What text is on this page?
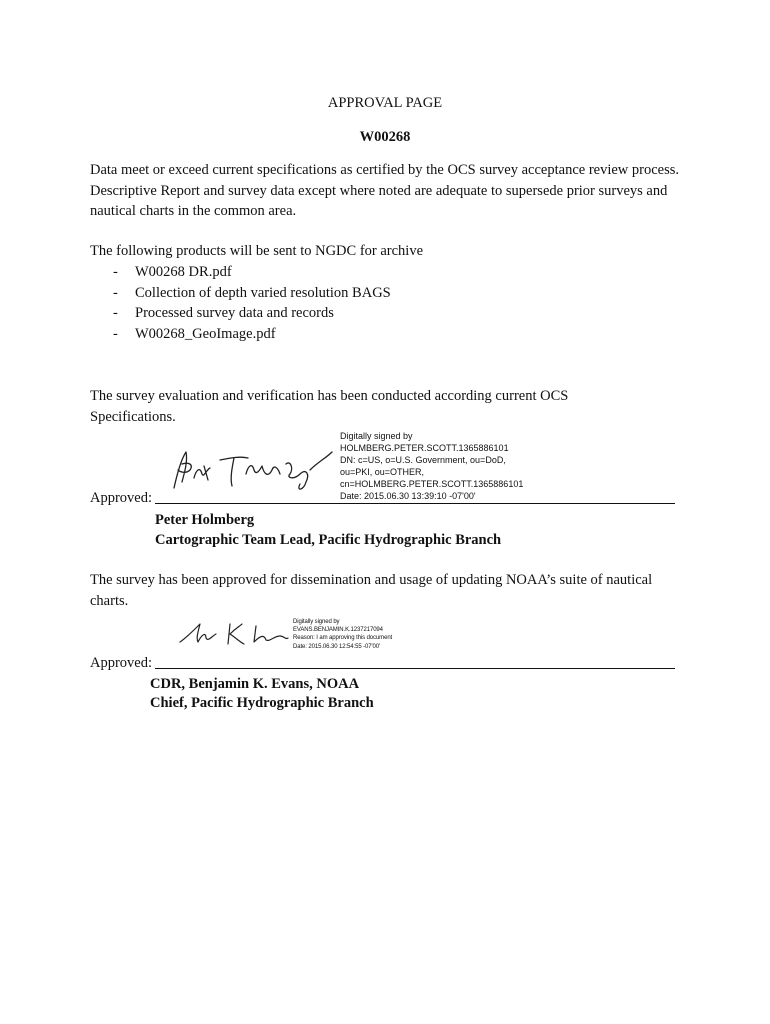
APPROVAL PAGE
W00268
Data meet or exceed current specifications as certified by the OCS survey acceptance review process. Descriptive Report and survey data except where noted are adequate to supersede prior surveys and nautical charts in the common area.
The following products will be sent to NGDC for archive
- W00268 DR.pdf
- Collection of depth varied resolution BAGS
- Processed survey data and records
- W00268_GeoImage.pdf
The survey evaluation and verification has been conducted according current OCS Specifications.
Digitally signed by
HOLMBERG.PETER.SCOTT.1365886101
DN: c=US, o=U.S. Government, ou=DoD,
ou=PKI, ou=OTHER,
cn=HOLMBERG.PETER.SCOTT.1365886101
Date: 2015.06.30 13:39:10 -07'00'
Approved:
Peter Holmberg
Cartographic Team Lead, Pacific Hydrographic Branch
The survey has been approved for dissemination and usage of updating NOAA’s suite of nautical charts.
Digitally signed by
EVANS.BENJAMIN.K.1237217094
Reason: I am approving this document
Date: 2015.06.30 12:54:55 -07'00'
Approved:
CDR, Benjamin K. Evans, NOAA
Chief, Pacific Hydrographic Branch
